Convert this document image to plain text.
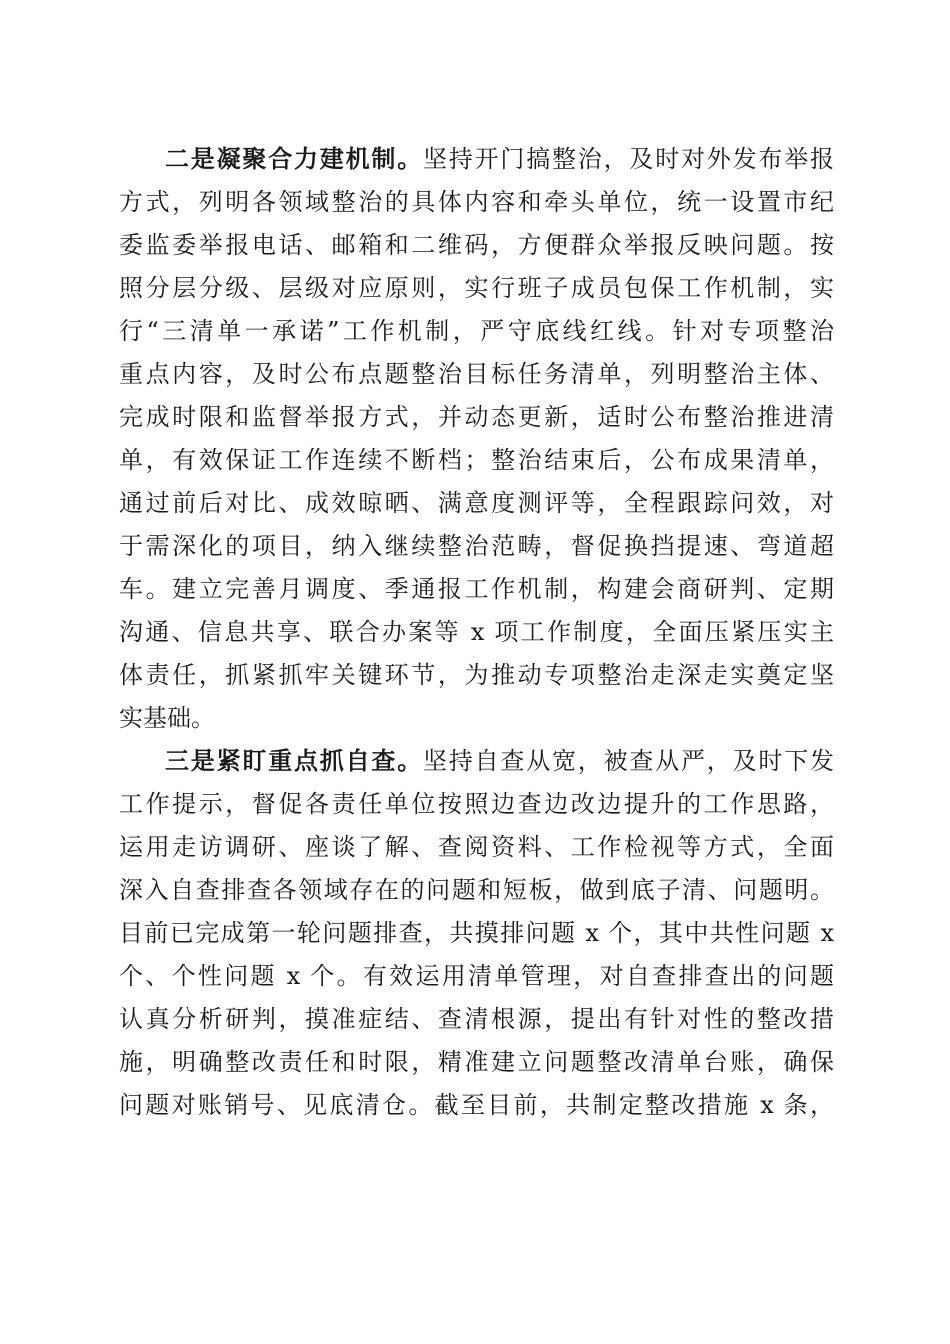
二是凝聚合力建机制。坚持开门搞整治，及时对外发布举报
方式，列明各领域整治的具体内容和牵头单位，统一设置市纪
委监委举报电话、邮箱和二维码，方便群众举报反映问题。按
照分层分级、层级对应原则，实行班子成员包保工作机制，实
行“三清单一承诺”工作机制，严守底线红线。针对专项整治
重点内容，及时公布点题整治目标任务清单，列明整治主体、
完成时限和监督举报方式，并动态更新，适时公布整治推进清
单，有效保证工作连续不断档；整治结束后，公布成果清单，
通过前后对比、成效晾晒、满意度测评等，全程跟踪问效，对
于需深化的项目，纳入继续整治范畴，督促换挡提速、弯道超
车。建立完善月调度、季通报工作机制，构建会商研判、定期
沟通、信息共享、联合办案等 x 项工作制度，全面压紧压实主
体责任，抓紧抓牢关键环节，为推动专项整治走深走实奠定坚
实基础。
三是紧盯重点抓自查。坚持自查从宽，被查从严，及时下发
工作提示，督促各责任单位按照边查边改边提升的工作思路，
运用走访调研、座谈了解、查阅资料、工作检视等方式，全面
深入自查排查各领域存在的问题和短板，做到底子清、问题明。
目前已完成第一轮问题排查，共摸排问题 x 个，其中共性问题 x
个、个性问题 x 个。有效运用清单管理，对自查排查出的问题
认真分析研判，摸准症结、查清根源，提出有针对性的整改措
施，明确整改责任和时限，精准建立问题整改清单台账，确保
问题对账销号、见底清仓。截至目前，共制定整改措施 x 条，
